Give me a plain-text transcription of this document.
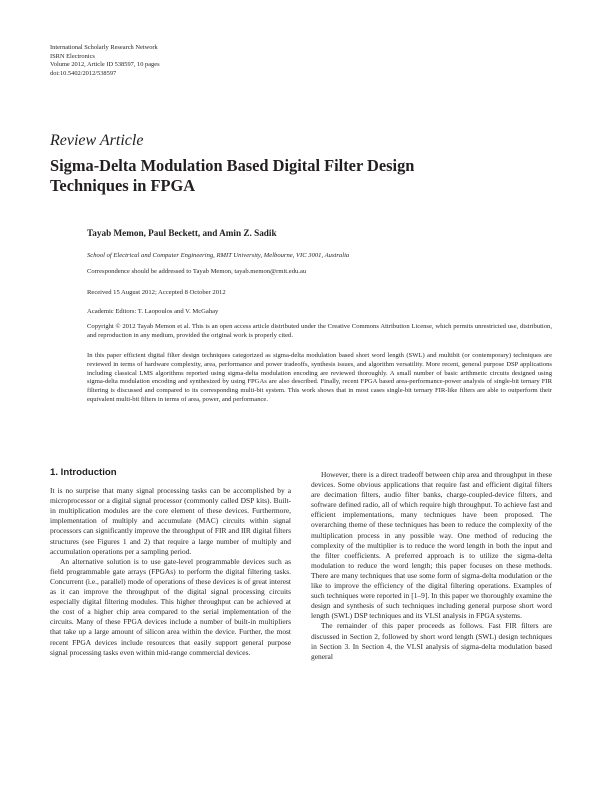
International Scholarly Research Network
ISRN Electronics
Volume 2012, Article ID 538597, 10 pages
doi:10.5402/2012/538597
Review Article
Sigma-Delta Modulation Based Digital Filter Design Techniques in FPGA
Tayab Memon, Paul Beckett, and Amin Z. Sadik
School of Electrical and Computer Engineering, RMIT University, Melbourne, VIC 3001, Australia
Correspondence should be addressed to Tayab Memon, tayab.memon@rmit.edu.au
Received 15 August 2012; Accepted 8 October 2012
Academic Editors: T. Laopoulos and V. McGahay
Copyright © 2012 Tayab Memon et al. This is an open access article distributed under the Creative Commons Attribution License, which permits unrestricted use, distribution, and reproduction in any medium, provided the original work is properly cited.
In this paper efficient digital filter design techniques categorized as sigma-delta modulation based short word length (SWL) and multibit (or contemporary) techniques are reviewed in terms of hardware complexity, area, performance and power tradeoffs, synthesis issues, and algorithm versatility. More recent, general purpose DSP applications including classical LMS algorithms reported using sigma-delta modulation encoding are reviewed thoroughly. A small number of basic arithmetic circuits designed using sigma-delta modulation encoding and synthesized by using FPGAs are also described. Finally, recent FPGA based area-performance-power analysis of single-bit ternary FIR filtering is discussed and compared to its corresponding multi-bit system. This work shows that in most cases single-bit ternary FIR-like filters are able to outperform their equivalent multi-bit filters in terms of area, power, and performance.
1. Introduction

It is no surprise that many signal processing tasks can be accomplished by a microprocessor or a digital signal processor (commonly called DSP kits). Built-in multiplication modules are the core element of these devices. Furthermore, implementation of multiply and accumulate (MAC) circuits within signal processors can significantly improve the throughput of FIR and IIR digital filters structures (see Figures 1 and 2) that require a large number of multiply and accumulation operations per a sampling period.

An alternative solution is to use gate-level programmable devices such as field programmable gate arrays (FPGAs) to perform the digital filtering tasks. Concurrent (i.e., parallel) mode of operations of these devices is of great interest as it can improve the throughput of the digital signal processing circuits especially digital filtering modules. This higher throughput can be achieved at the cost of a higher chip area compared to the serial implementation of the circuits. Many of these FPGA devices include a number of built-in multipliers that take up a large amount of silicon area within the device. Further, the most recent FPGA devices include resources that easily support general purpose signal processing tasks even within mid-range commercial devices.

However, there is a direct tradeoff between chip area and throughput in these devices. Some obvious applications that require fast and efficient digital filters are decimation filters, audio filter banks, charge-coupled-device filters, and software defined radio, all of which require high throughput. To achieve fast and efficient implementations, many techniques have been proposed. The overarching theme of these techniques has been to reduce the complexity of the multiplication process in any possible way. One method of reducing the complexity of the multiplier is to reduce the word length in both the input and the filter coefficients. A preferred approach is to utilize the sigma-delta modulation to reduce the word length; this paper focuses on these methods. There are many techniques that use some form of sigma-delta modulation or the like to improve the efficiency of the digital filtering operations. Examples of such techniques were reported in [1–9]. In this paper we thoroughly examine the design and synthesis of such techniques including general purpose short word length (SWL) DSP techniques and its VLSI analysis in FPGA systems.

The remainder of this paper proceeds as follows. Fast FIR filters are discussed in Section 2, followed by short word length (SWL) design techniques in Section 3. In Section 4, the VLSI analysis of sigma-delta modulation based general
